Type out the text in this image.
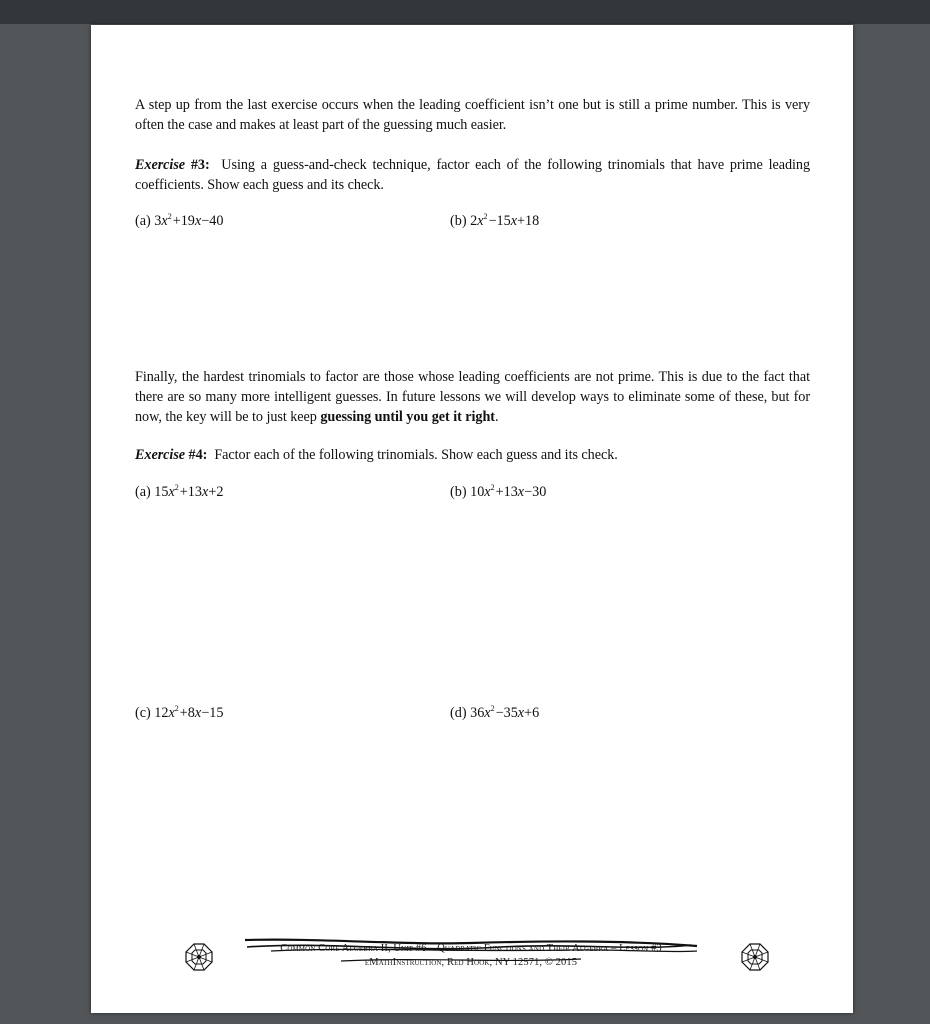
A step up from the last exercise occurs when the leading coefficient isn’t one but is still a prime number. This is very often the case and makes at least part of the guessing much easier.
Exercise #3: Using a guess-and-check technique, factor each of the following trinomials that have prime leading coefficients. Show each guess and its check.
(a) $3x^2+19x-40$	(b) $2x^2-15x+18$
Finally, the hardest trinomials to factor are those whose leading coefficients are not prime. This is due to the fact that there are so many more intelligent guesses. In future lessons we will develop ways to eliminate some of these, but for now, the key will be to just keep guessing until you get it right.
Exercise #4: Factor each of the following trinomials. Show each guess and its check.
(a) $15x^2+13x+2$	(b) $10x^2+13x-30$
(c) $12x^2+8x-15$	(d) $36x^2-35x+6$
Common Core Algebra II, Unit #6 – Quadratic Functions and Their Algebra – Lesson #3
eMathInstruction, Red Hook, NY 12571, © 2015
